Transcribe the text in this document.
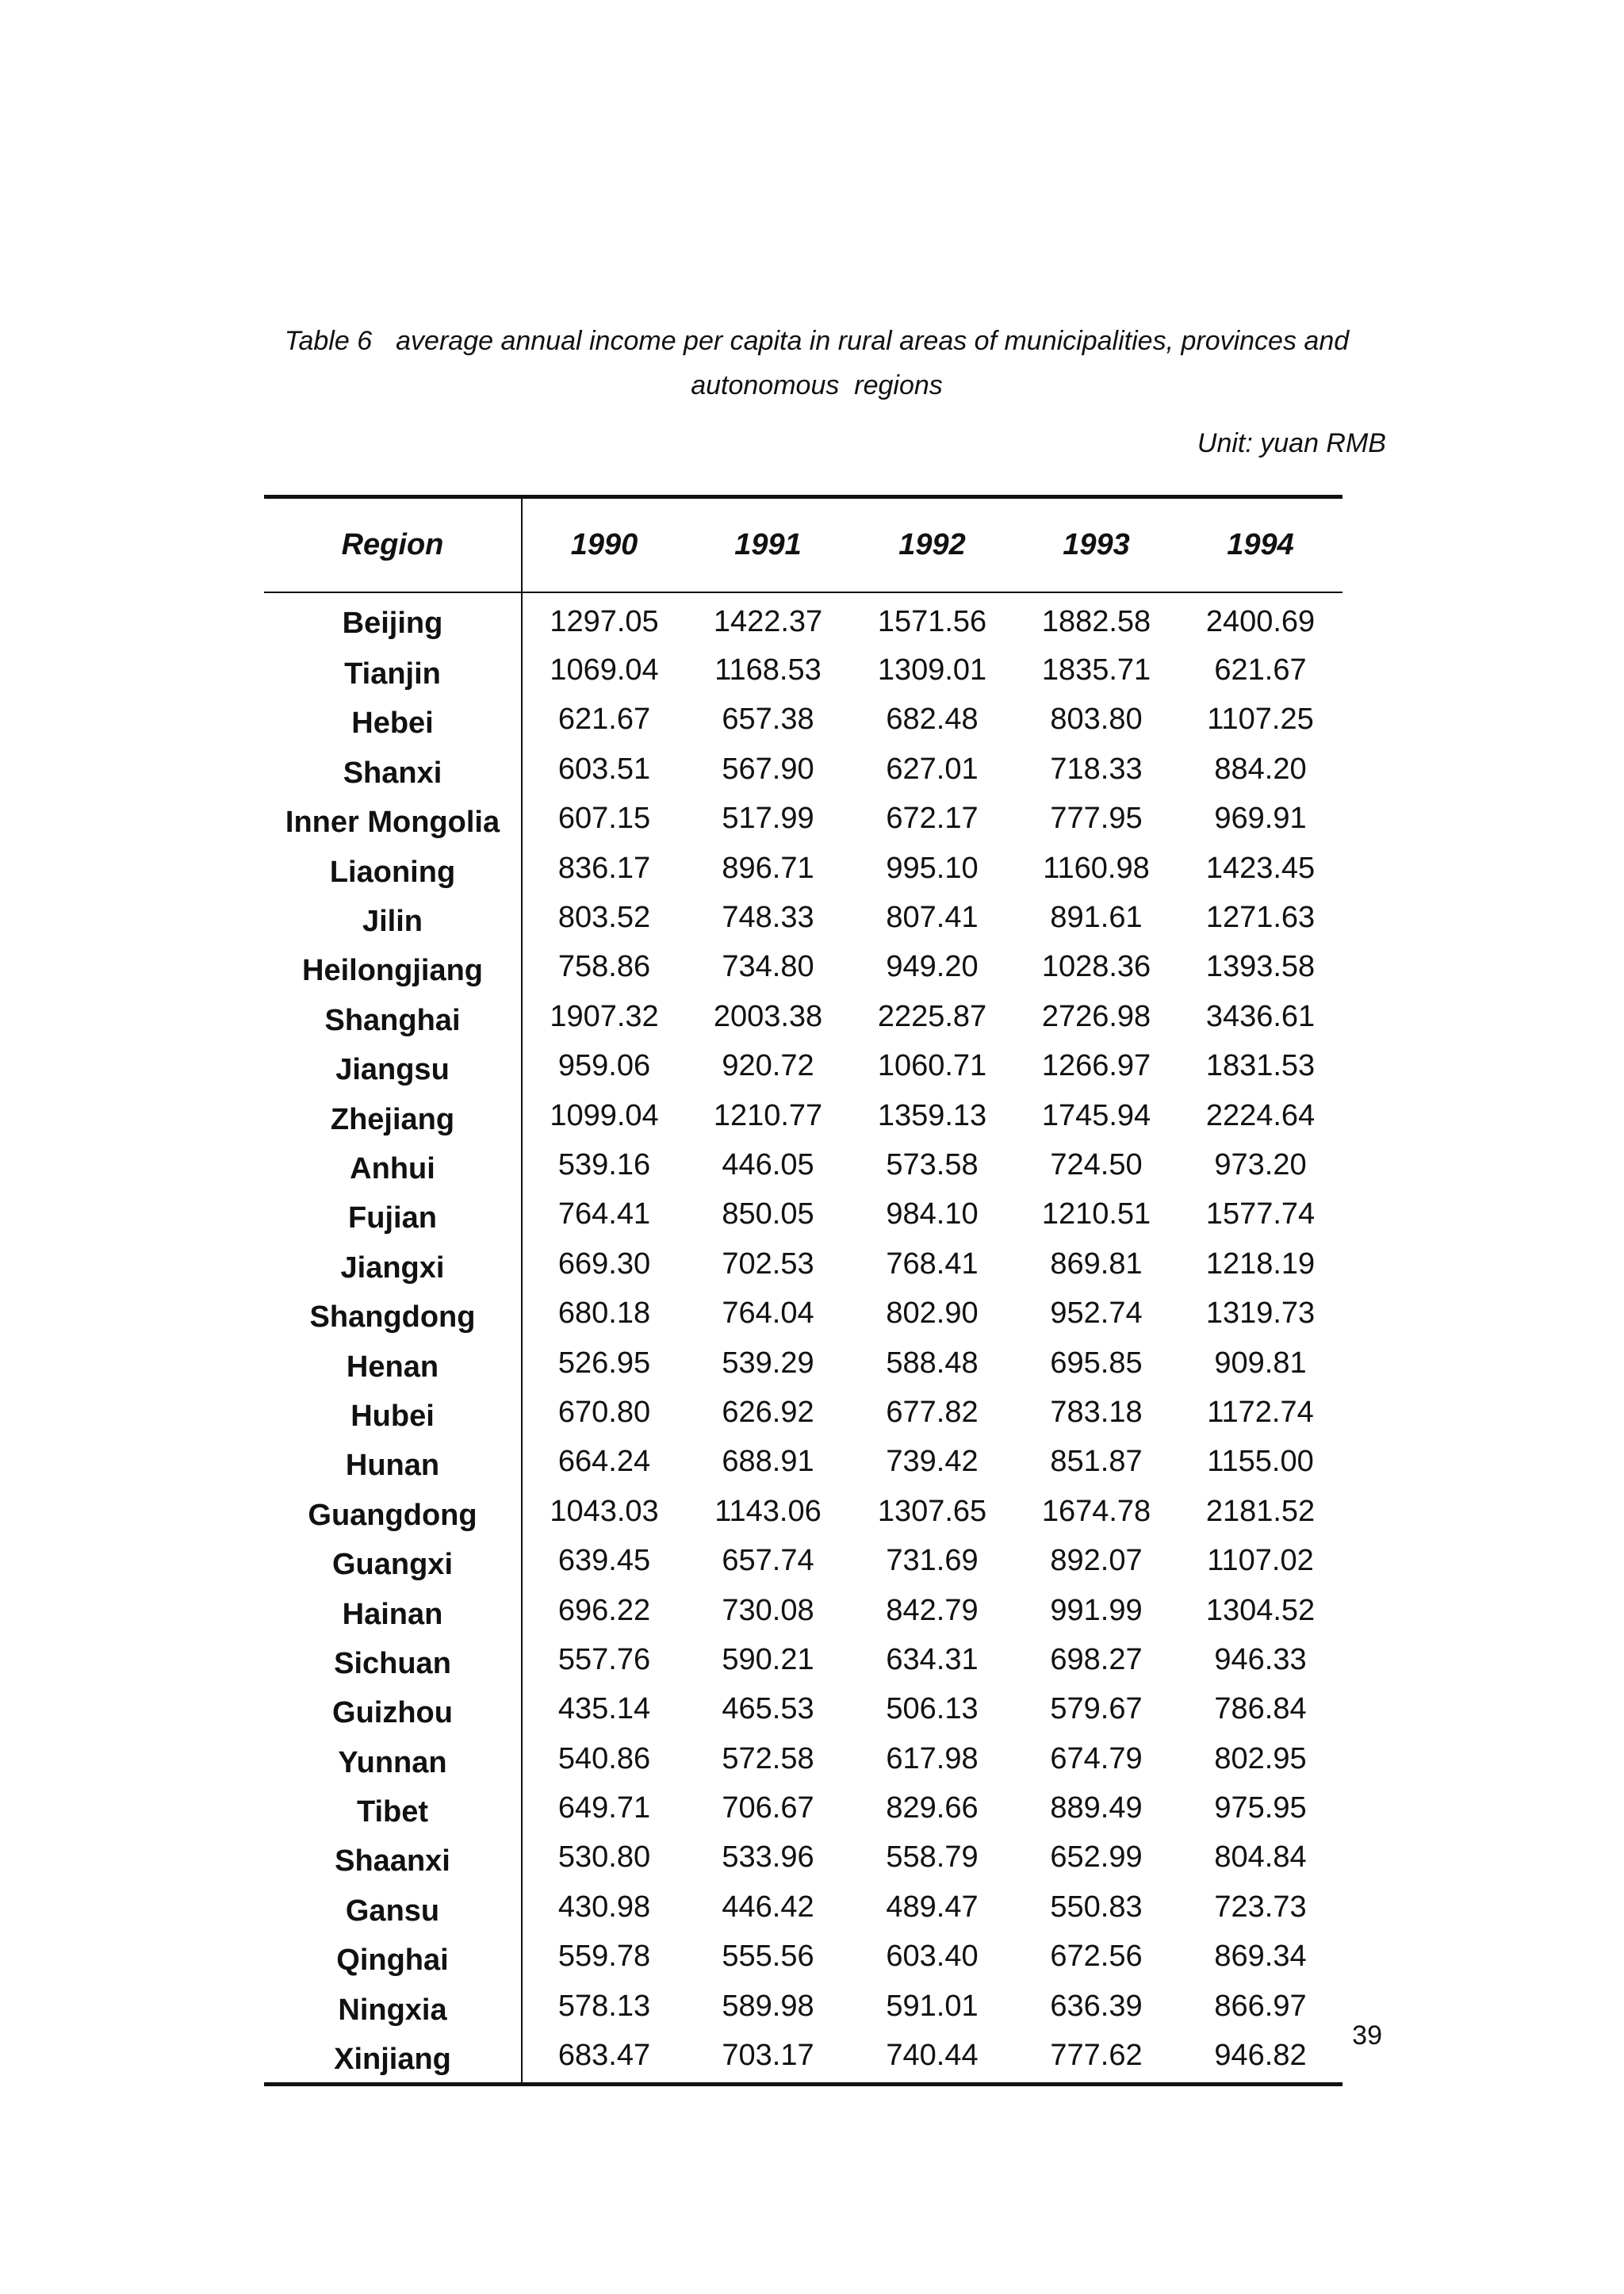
Table 6 average annual income per capita in rural areas of municipalities, provinces and
autonomous  regions
Unit: yuan RMB
Region	1990	1991	1992	1993	1994
Beijing	1297.05	1422.37	1571.56	1882.58	2400.69
Tianjin	1069.04	1168.53	1309.01	1835.71	621.67
Hebei	621.67	657.38	682.48	803.80	1107.25
Shanxi	603.51	567.90	627.01	718.33	884.20
Inner Mongolia	607.15	517.99	672.17	777.95	969.91
Liaoning	836.17	896.71	995.10	1160.98	1423.45
Jilin	803.52	748.33	807.41	891.61	1271.63
Heilongjiang	758.86	734.80	949.20	1028.36	1393.58
Shanghai	1907.32	2003.38	2225.87	2726.98	3436.61
Jiangsu	959.06	920.72	1060.71	1266.97	1831.53
Zhejiang	1099.04	1210.77	1359.13	1745.94	2224.64
Anhui	539.16	446.05	573.58	724.50	973.20
Fujian	764.41	850.05	984.10	1210.51	1577.74
Jiangxi	669.30	702.53	768.41	869.81	1218.19
Shangdong	680.18	764.04	802.90	952.74	1319.73
Henan	526.95	539.29	588.48	695.85	909.81
Hubei	670.80	626.92	677.82	783.18	1172.74
Hunan	664.24	688.91	739.42	851.87	1155.00
Guangdong	1043.03	1143.06	1307.65	1674.78	2181.52
Guangxi	639.45	657.74	731.69	892.07	1107.02
Hainan	696.22	730.08	842.79	991.99	1304.52
Sichuan	557.76	590.21	634.31	698.27	946.33
Guizhou	435.14	465.53	506.13	579.67	786.84
Yunnan	540.86	572.58	617.98	674.79	802.95
Tibet	649.71	706.67	829.66	889.49	975.95
Shaanxi	530.80	533.96	558.79	652.99	804.84
Gansu	430.98	446.42	489.47	550.83	723.73
Qinghai	559.78	555.56	603.40	672.56	869.34
Ningxia	578.13	589.98	591.01	636.39	866.97
Xinjiang	683.47	703.17	740.44	777.62	946.82
39
